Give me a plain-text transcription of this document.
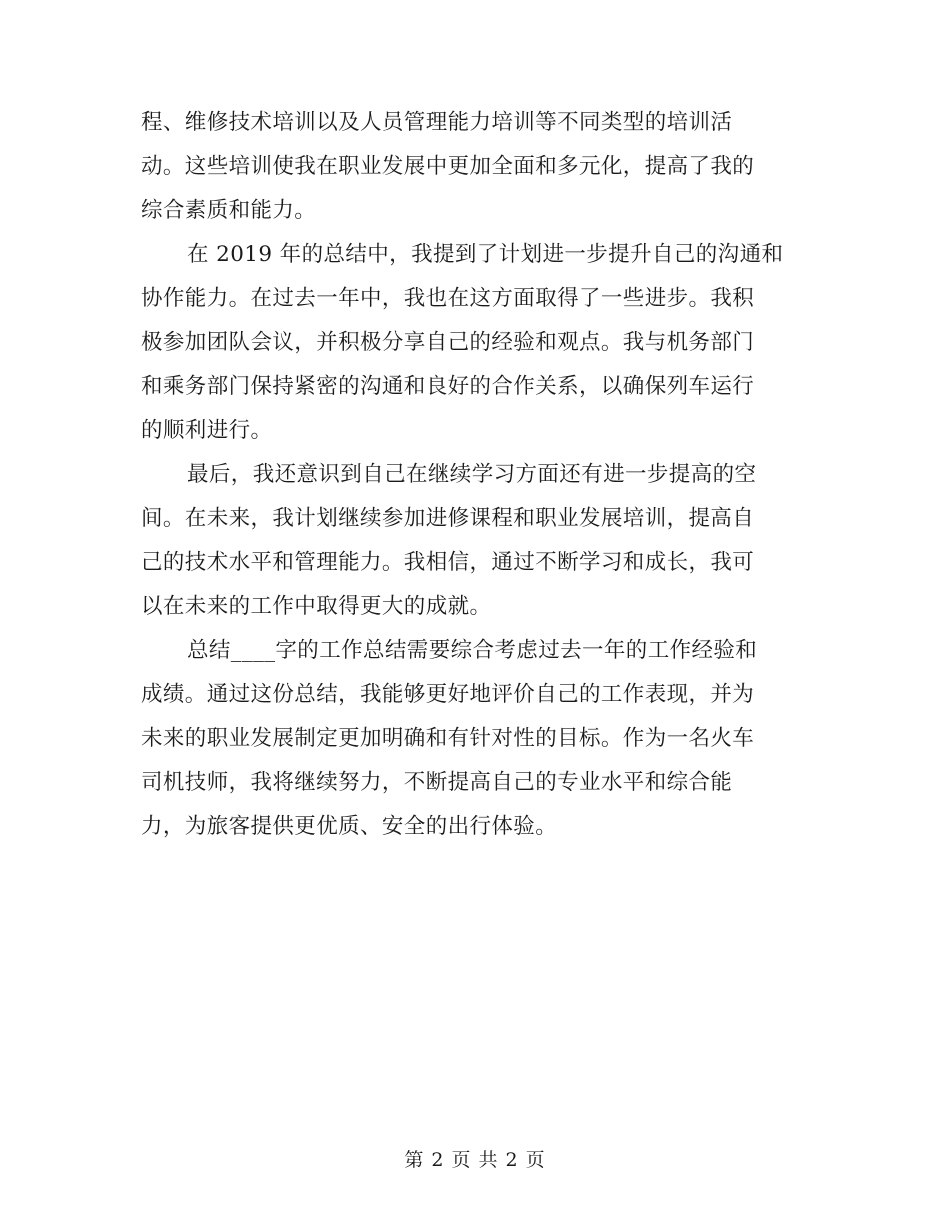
程、维修技术培训以及人员管理能力培训等不同类型的培训活
动。这些培训使我在职业发展中更加全面和多元化，提高了我的
综合素质和能力。
在 2019 年的总结中，我提到了计划进一步提升自己的沟通和
协作能力。在过去一年中，我也在这方面取得了一些进步。我积
极参加团队会议，并积极分享自己的经验和观点。我与机务部门
和乘务部门保持紧密的沟通和良好的合作关系，以确保列车运行
的顺利进行。
最后，我还意识到自己在继续学习方面还有进一步提高的空
间。在未来，我计划继续参加进修课程和职业发展培训，提高自
己的技术水平和管理能力。我相信，通过不断学习和成长，我可
以在未来的工作中取得更大的成就。
总结____字的工作总结需要综合考虑过去一年的工作经验和
成绩。通过这份总结，我能够更好地评价自己的工作表现，并为
未来的职业发展制定更加明确和有针对性的目标。作为一名火车
司机技师，我将继续努力，不断提高自己的专业水平和综合能
力，为旅客提供更优质、安全的出行体验。
第 2 页 共 2 页
